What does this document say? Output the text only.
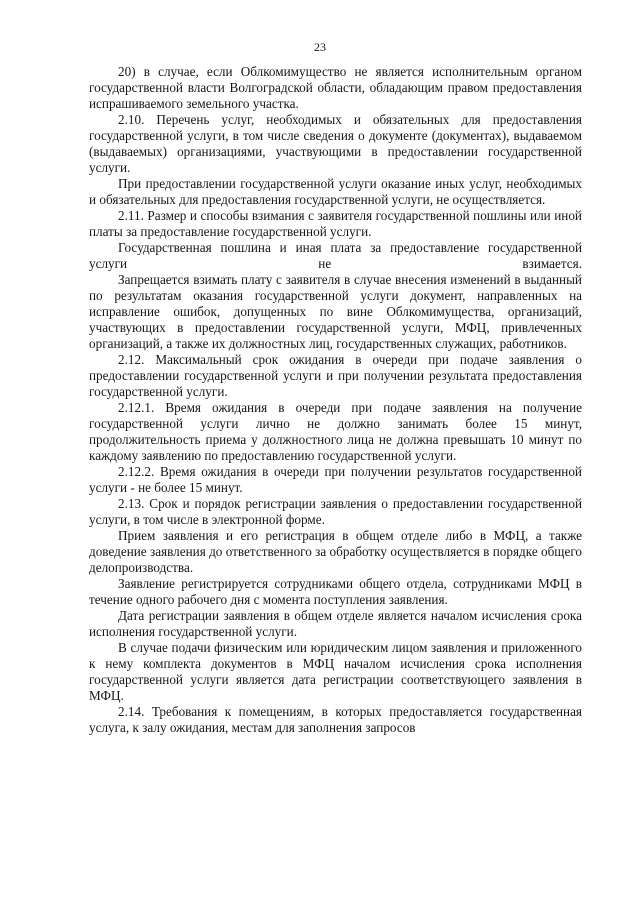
23

20) в случае, если Облкомимущество не является исполнительным органом государственной власти Волгоградской области, обладающим правом предоставления испрашиваемого земельного участка.

2.10. Перечень услуг, необходимых и обязательных для предоставления государственной услуги, в том числе сведения о документе (документах), выдаваемом (выдаваемых) организациями, участвующими в предоставлении государственной услуги.

При предоставлении государственной услуги оказание иных услуг, необходимых и обязательных для предоставления государственной услуги, не осуществляется.

2.11. Размер и способы взимания с заявителя государственной пошлины или иной платы за предоставление государственной услуги.

Государственная пошлина и иная плата за предоставление государственной услуги не взимается.

Запрещается взимать плату с заявителя в случае внесения изменений в выданный по результатам оказания государственной услуги документ, направленных на исправление ошибок, допущенных по вине Облкомимущества, организаций, участвующих в предоставлении государственной услуги, МФЦ, привлеченных организаций, а также их должностных лиц, государственных служащих, работников.

2.12. Максимальный срок ожидания в очереди при подаче заявления о предоставлении государственной услуги и при получении результата предоставления государственной услуги.

2.12.1. Время ожидания в очереди при подаче заявления на получение государственной услуги лично не должно занимать более 15 минут, продолжительность приема у должностного лица не должна превышать 10 минут по каждому заявлению по предоставлению государственной услуги.

2.12.2. Время ожидания в очереди при получении результатов государственной услуги - не более 15 минут.

2.13. Срок и порядок регистрации заявления о предоставлении государственной услуги, в том числе в электронной форме.

Прием заявления и его регистрация в общем отделе либо в МФЦ, а также доведение заявления до ответственного за обработку осуществляется в порядке общего делопроизводства.

Заявление регистрируется сотрудниками общего отдела, сотрудниками МФЦ в течение одного рабочего дня с момента поступления заявления.

Дата регистрации заявления в общем отделе является началом исчисления срока исполнения государственной услуги.

В случае подачи физическим или юридическим лицом заявления и приложенного к нему комплекта документов в МФЦ началом исчисления срока исполнения государственной услуги является дата регистрации соответствующего заявления в МФЦ.

2.14. Требования к помещениям, в которых предоставляется государственная услуга, к залу ожидания, местам для заполнения запросов
